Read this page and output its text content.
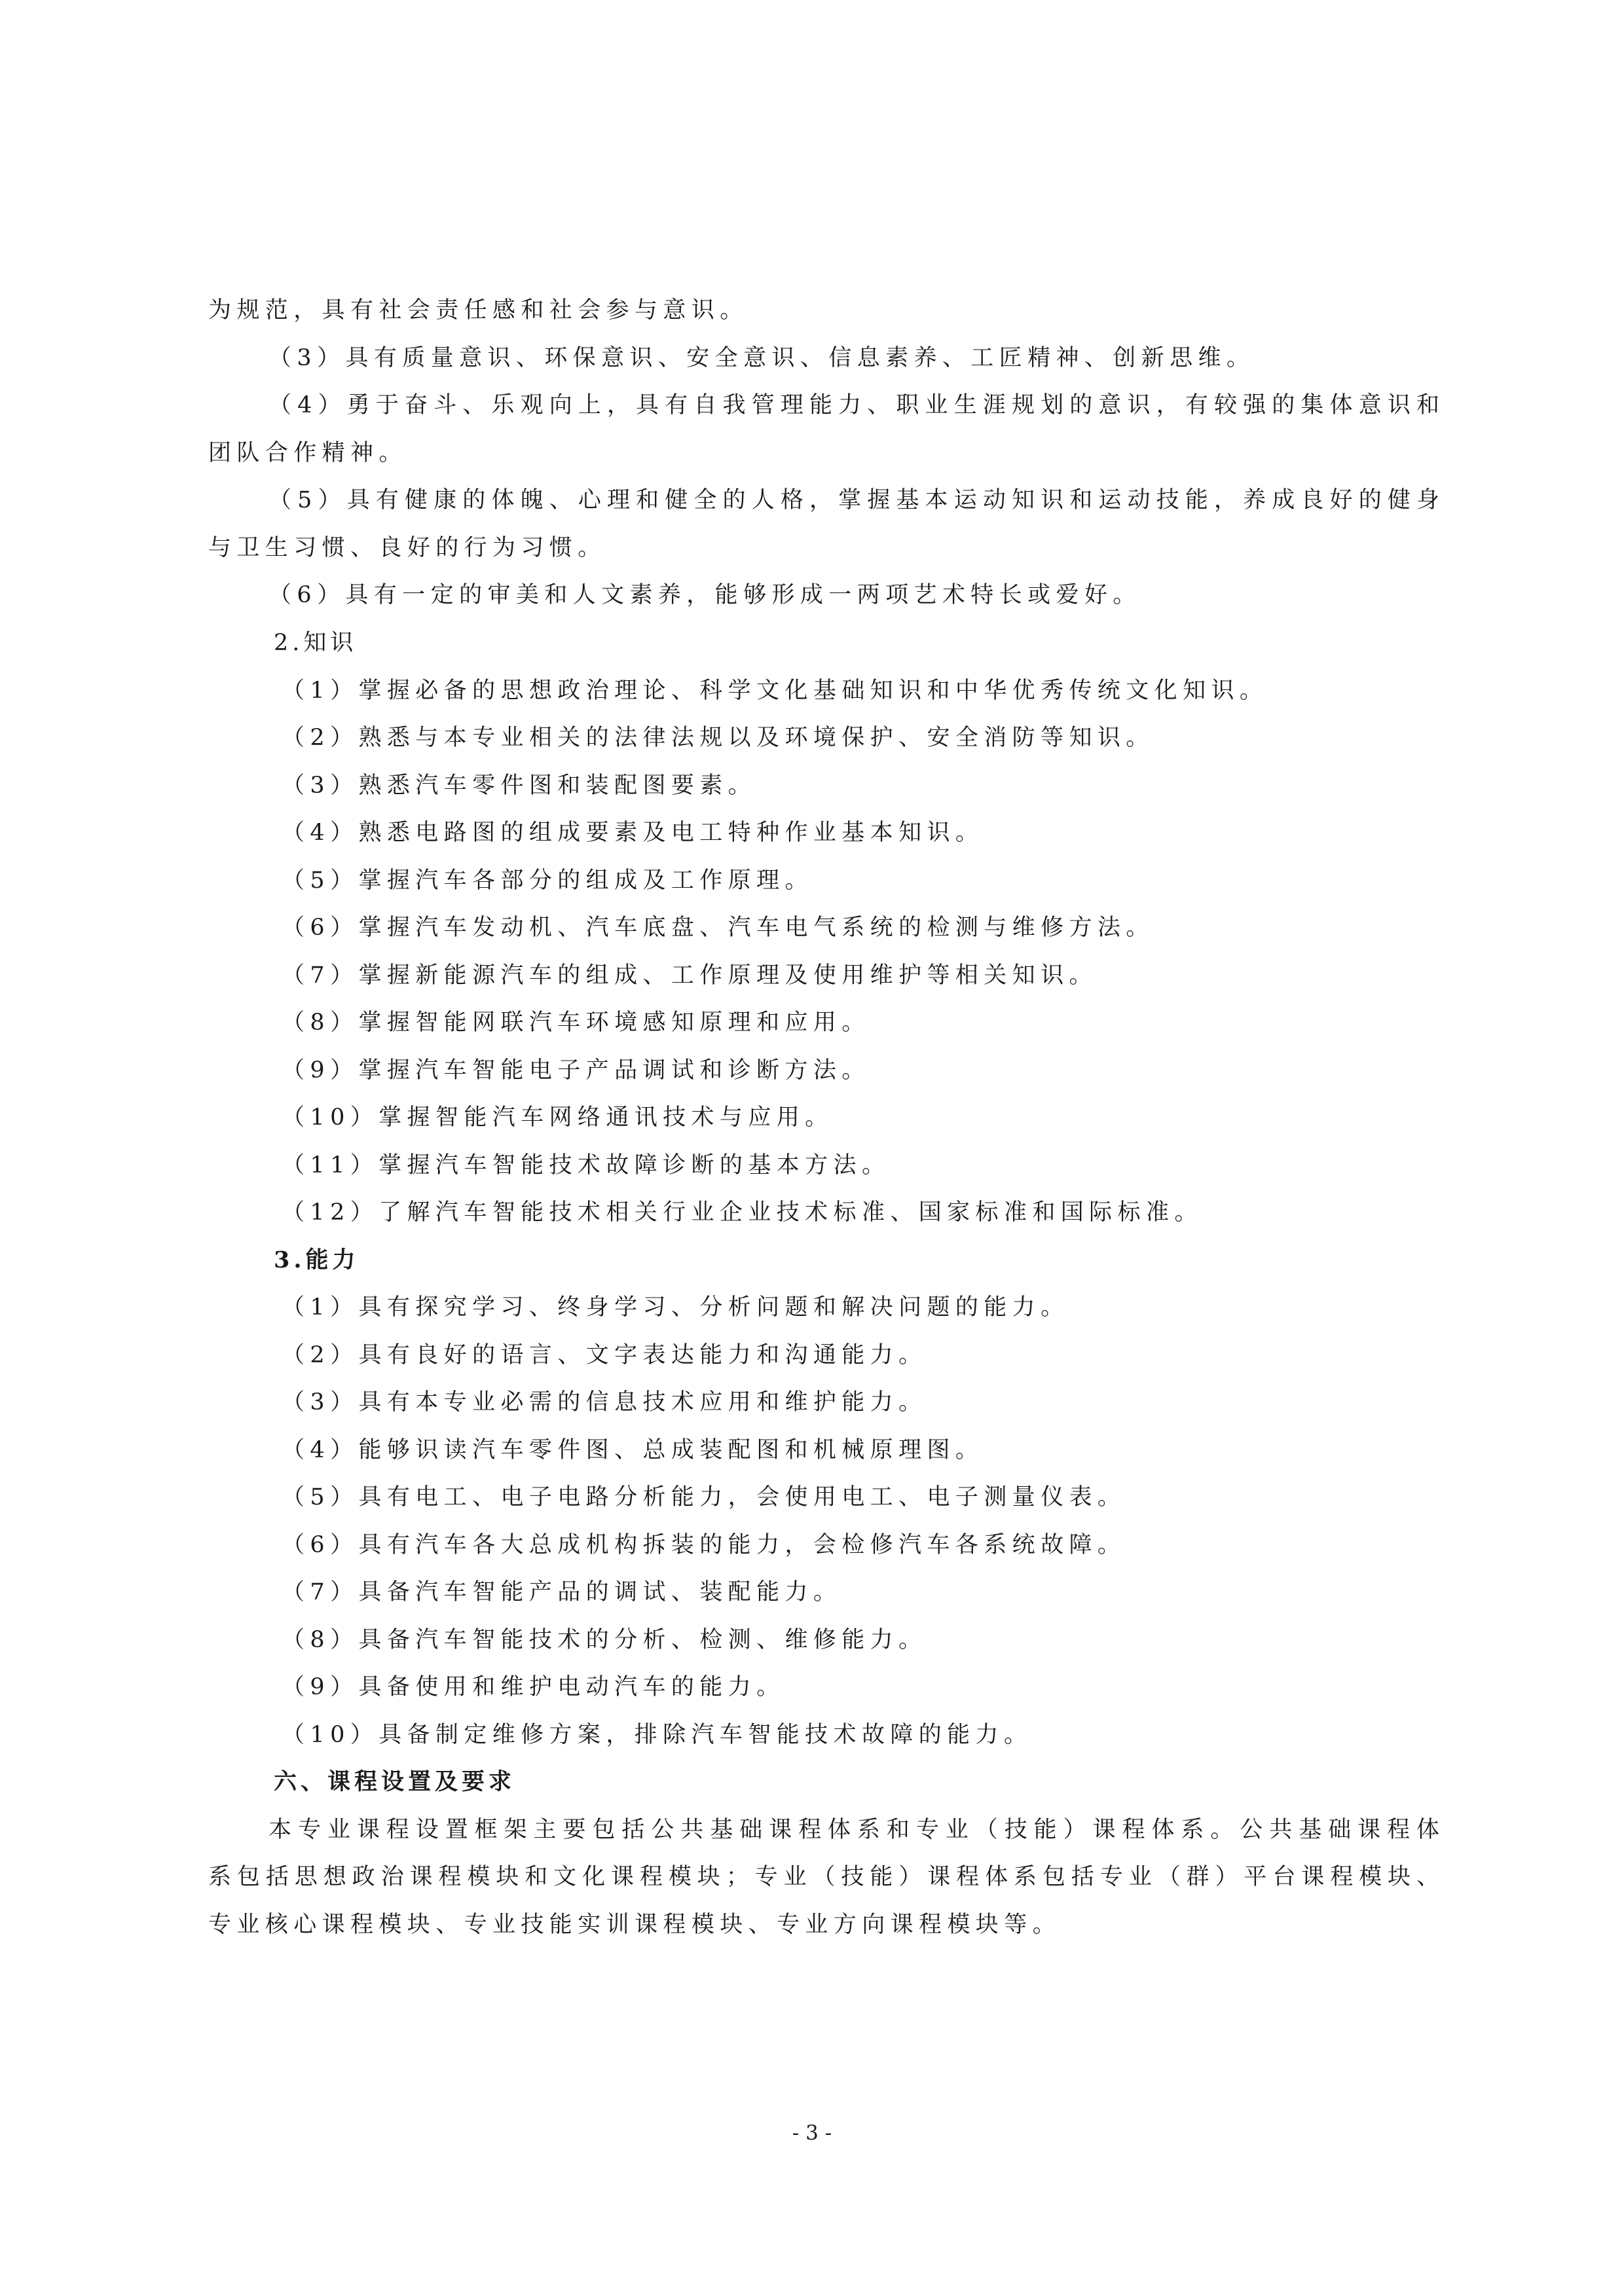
为规范，具有社会责任感和社会参与意识。
（3）具有质量意识、环保意识、安全意识、信息素养、工匠精神、创新思维。
（4）勇于奋斗、乐观向上，具有自我管理能力、职业生涯规划的意识，有较强的集体意识和
团队合作精神。
（5）具有健康的体魄、心理和健全的人格，掌握基本运动知识和运动技能，养成良好的健身
与卫生习惯、良好的行为习惯。
（6）具有一定的审美和人文素养，能够形成一两项艺术特长或爱好。
2.知识
（1）掌握必备的思想政治理论、科学文化基础知识和中华优秀传统文化知识。
（2）熟悉与本专业相关的法律法规以及环境保护、安全消防等知识。
（3）熟悉汽车零件图和装配图要素。
（4）熟悉电路图的组成要素及电工特种作业基本知识。
（5）掌握汽车各部分的组成及工作原理。
（6）掌握汽车发动机、汽车底盘、汽车电气系统的检测与维修方法。
（7）掌握新能源汽车的组成、工作原理及使用维护等相关知识。
（8）掌握智能网联汽车环境感知原理和应用。
（9）掌握汽车智能电子产品调试和诊断方法。
（10）掌握智能汽车网络通讯技术与应用。
（11）掌握汽车智能技术故障诊断的基本方法。
（12）了解汽车智能技术相关行业企业技术标准、国家标准和国际标准。
3.能力
（1）具有探究学习、终身学习、分析问题和解决问题的能力。
（2）具有良好的语言、文字表达能力和沟通能力。
（3）具有本专业必需的信息技术应用和维护能力。
（4）能够识读汽车零件图、总成装配图和机械原理图。
（5）具有电工、电子电路分析能力，会使用电工、电子测量仪表。
（6）具有汽车各大总成机构拆装的能力，会检修汽车各系统故障。
（7）具备汽车智能产品的调试、装配能力。
（8）具备汽车智能技术的分析、检测、维修能力。
（9）具备使用和维护电动汽车的能力。
（10）具备制定维修方案，排除汽车智能技术故障的能力。
六、课程设置及要求
本专业课程设置框架主要包括公共基础课程体系和专业（技能）课程体系。公共基础课程体
系包括思想政治课程模块和文化课程模块；专业（技能）课程体系包括专业（群）平台课程模块、
专业核心课程模块、专业技能实训课程模块、专业方向课程模块等。
- 3 -
